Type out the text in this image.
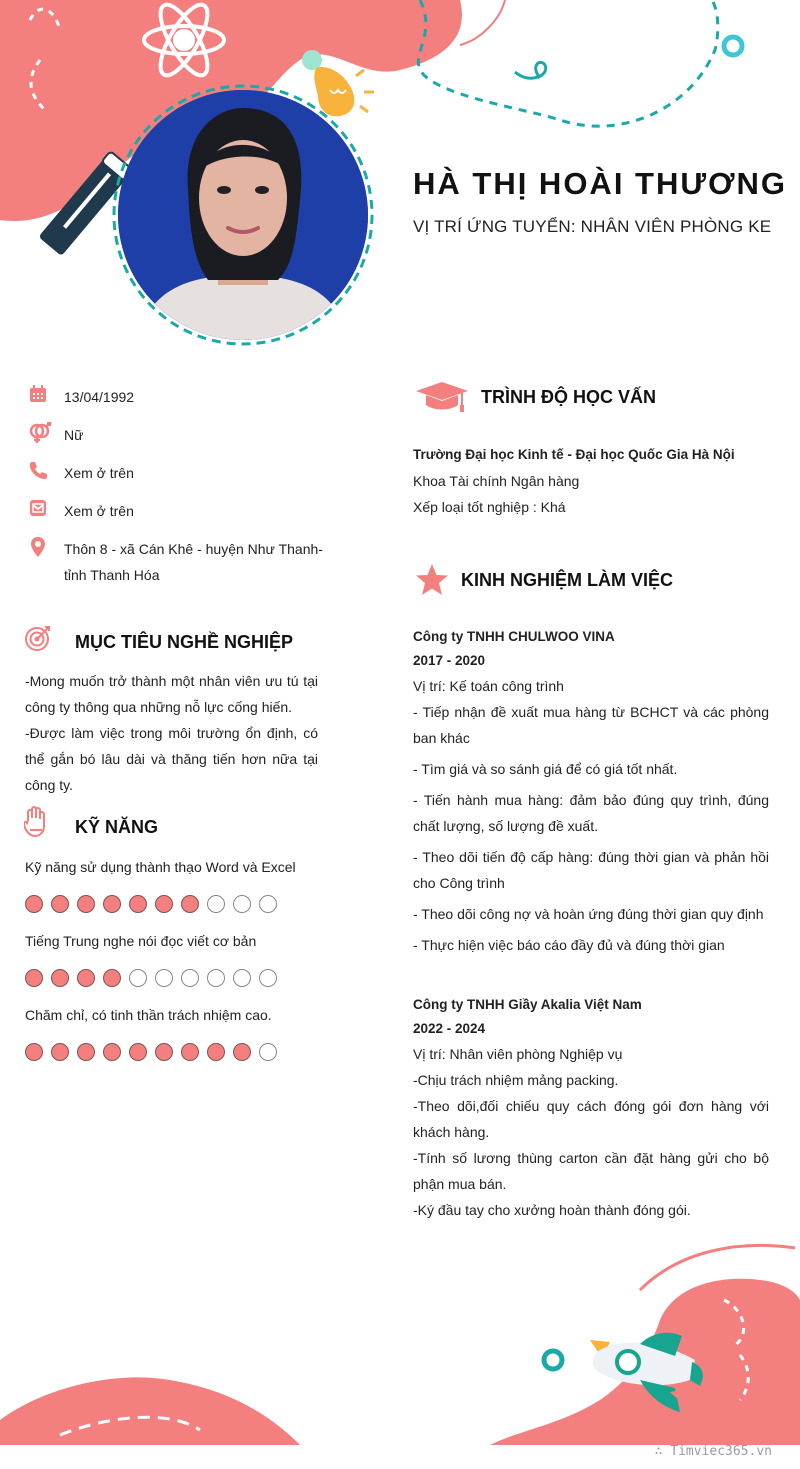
HÀ THỊ HOÀI THƯƠNG
VỊ TRÍ ỨNG TUYỂN: NHÂN VIÊN PHÒNG KE
13/04/1992
Nữ
Xem ở trên
Xem ở trên
Thôn 8 - xã Cán Khê - huyện Như Thanh- tỉnh Thanh Hóa
MỤC TIÊU NGHỀ NGHIỆP

-Mong muốn trở thành một nhân viên ưu tú tại công ty thông qua những nỗ lực cống hiến.

-Được làm việc trong môi trường ổn định, có thể gắn bó lâu dài và thăng tiến hơn nữa tại công ty.

KỸ NĂNG
Kỹ năng sử dụng thành thạo Word và Excel
Tiếng Trung nghe nói đọc viết cơ bản
Chăm chỉ, có tinh thần trách nhiệm cao.
TRÌNH ĐỘ HỌC VẤN
Trường Đại học Kinh tế - Đại học Quốc Gia Hà Nội
Khoa Tài chính Ngân hàng
Xếp loại tốt nghiệp : Khá
KINH NGHIỆM LÀM VIỆC
Công ty TNHH CHULWOO VINA
2017 - 2020
Vị trí: Kế toán công trình

- Tiếp nhận đề xuất mua hàng từ BCHCT và các phòng ban khác

- Tìm giá và so sánh giá để có giá tốt nhất.

- Tiến hành mua hàng: đảm bảo đúng quy trình, đúng chất lượng, số lượng đề xuất.

- Theo dõi tiến độ cấp hàng: đúng thời gian và phản hồi cho Công trình

- Theo dõi công nợ và hoàn ứng đúng thời gian quy định

- Thực hiện việc báo cáo đầy đủ và đúng thời gian

Công ty TNHH Giầy Akalia Việt Nam
2022 - 2024
Vị trí: Nhân viên phòng Nghiệp vụ

-Chịu trách nhiệm mảng packing.

-Theo dõi,đối chiếu quy cách đóng gói đơn hàng với khách hàng.

-Tính số lương thùng carton cần đặt hàng gửi cho bộ phận mua bán.

-Ký đầu tay cho xưởng hoàn thành đóng gói.

∴ Timviec365.vn
